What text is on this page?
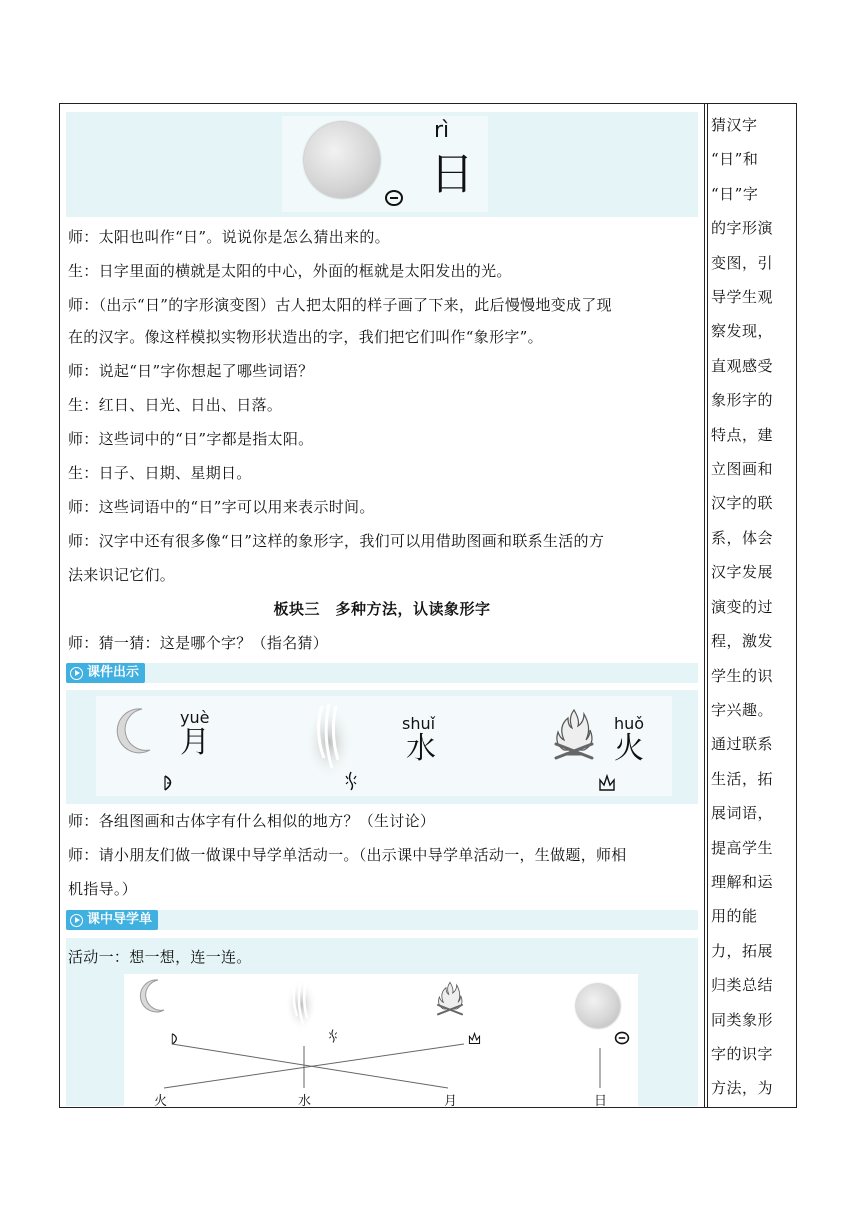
rì
日
师：太阳也叫作“日”。说说你是怎么猜出来的。
生：日字里面的横就是太阳的中心，外面的框就是太阳发出的光。
师：（出示“日”的字形演变图）古人把太阳的样子画了下来，此后慢慢地变成了现
在的汉字。像这样模拟实物形状造出的字，我们把它们叫作“象形字”。
师：说起“日”字你想起了哪些词语？
生：红日、日光、日出、日落。
师：这些词中的“日”字都是指太阳。
生：日子、日期、星期日。
师：这些词语中的“日”字可以用来表示时间。
师：汉字中还有很多像“日”这样的象形字，我们可以用借助图画和联系生活的方
法来识记它们。
板块三　多种方法，认读象形字
师：猜一猜：这是哪个字？（指名猜）
课件出示
yuè
月
shuǐ
水
huǒ
火
师：各组图画和古体字有什么相似的地方？（生讨论）
师：请小朋友们做一做课中导学单活动一。（出示课中导学单活动一，生做题，师相
机指导。）
课中导学单
活动一：想一想，连一连。
火	水	月	日
猜汉字
“日”和
“日”字
的字形演
变图，引
导学生观
察发现，
直观感受
象形字的
特点，建
立图画和
汉字的联
系，体会
汉字发展
演变的过
程，激发
学生的识
字兴趣。
通过联系
生活，拓
展词语，
提高学生
理解和运
用的能
力，拓展
归类总结
同类象形
字的识字
方法，为
